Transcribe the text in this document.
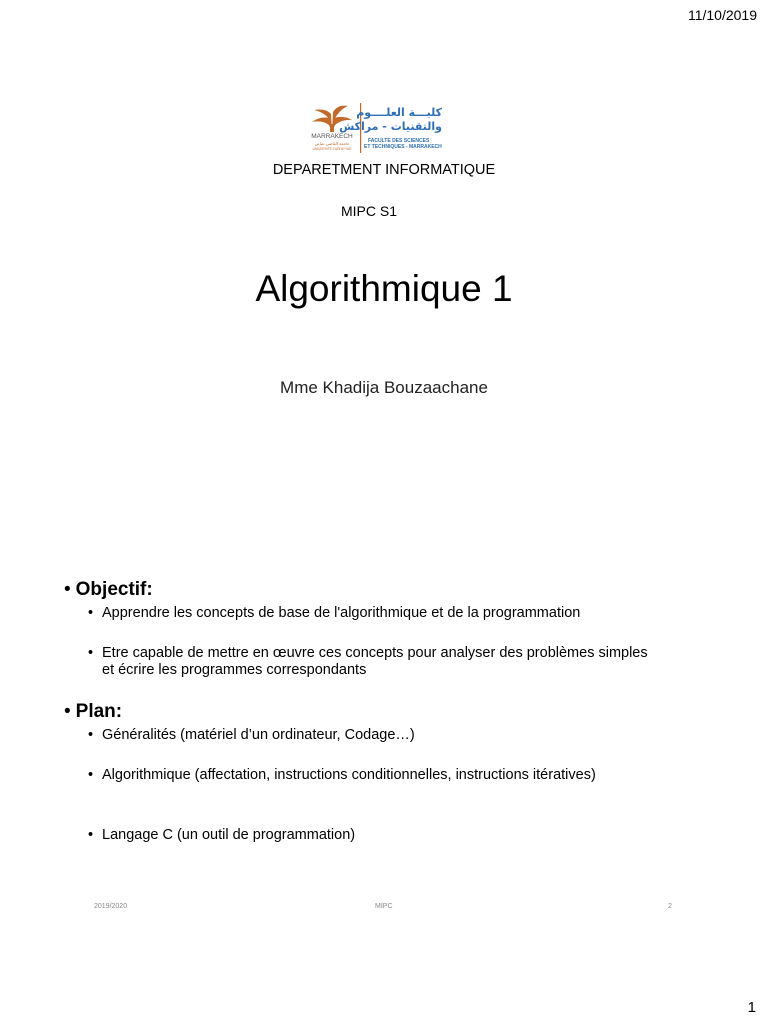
11/10/2019
MARRAKECH
جامعة القاضي عياض
UNIVERSITÉ CADI AYYAD
كليـــة العلــــوم
والتقنيات - مراكش
FACULTE DES SCIENCES
ET TECHNIQUES - MARRAKECH
DEPARETMENT INFORMATIQUE
MIPC S1
Algorithmique 1
Mme Khadija Bouzaachane
• Objectif:
• Apprendre les concepts de base de l'algorithmique et de la programmation
• Etre capable de mettre en œuvre ces concepts pour analyser des problèmes simples et écrire les programmes correspondants
• Plan:
• Généralités (matériel d’un ordinateur, Codage…)
• Algorithmique (affectation, instructions conditionnelles, instructions itératives)
• Langage C (un outil de programmation)
2019/2020	MIPC	2
1
